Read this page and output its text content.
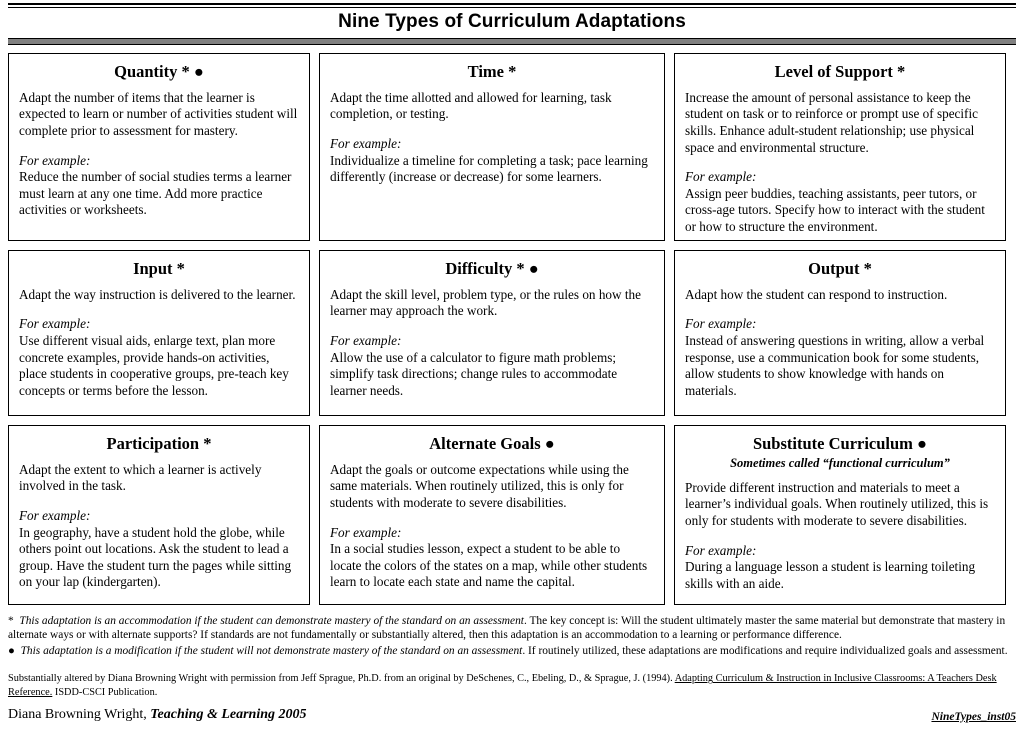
Nine Types of Curriculum Adaptations
Quantity * ●

Adapt the number of items that the learner is expected to learn or number of activities student will complete prior to assessment for mastery.

For example:

Reduce the number of social studies terms a learner must learn at any one time. Add more practice activities or worksheets.

Time *

Adapt the time allotted and allowed for learning, task completion, or testing.

For example:

Individualize a timeline for completing a task; pace learning differently (increase or decrease) for some learners.

Level of Support *

Increase the amount of personal assistance to keep the student on task or to reinforce or prompt use of specific skills. Enhance adult-student relationship; use physical space and environmental structure.

For example:

Assign peer buddies, teaching assistants, peer tutors, or cross-age tutors. Specify how to interact with the student or how to structure the environment.

Input *

Adapt the way instruction is delivered to the learner.

For example:

Use different visual aids, enlarge text, plan more concrete examples, provide hands-on activities, place students in cooperative groups, pre-teach key concepts or terms before the lesson.

Difficulty * ●

Adapt the skill level, problem type, or the rules on how the learner may approach the work.

For example:

Allow the use of a calculator to figure math problems; simplify task directions; change rules to accommodate learner needs.

Output *

Adapt how the student can respond to instruction.

For example:

Instead of answering questions in writing, allow a verbal response, use a communication book for some students, allow students to show knowledge with hands on materials.

Participation *

Adapt the extent to which a learner is actively involved in the task.

For example:

In geography, have a student hold the globe, while others point out locations. Ask the student to lead a group. Have the student turn the pages while sitting on your lap (kindergarten).

Alternate Goals ●

Adapt the goals or outcome expectations while using the same materials. When routinely utilized, this is only for students with moderate to severe disabilities.

For example:

In a social studies lesson, expect a student to be able to locate the colors of the states on a map, while other students learn to locate each state and name the capital.

Substitute Curriculum ●
Sometimes called “functional curriculum”

Provide different instruction and materials to meet a learner’s individual goals. When routinely utilized, this is only for students with moderate to severe disabilities.

For example:

During a language lesson a student is learning toileting skills with an aide.

* This adaptation is an accommodation if the student can demonstrate mastery of the standard on an assessment. The key concept is: Will the student ultimately master the same material but demonstrate that mastery in alternate ways or with alternate supports? If standards are not fundamentally or substantially altered, then this adaptation is an accommodation to a learning or performance difference.

● This adaptation is a modification if the student will not demonstrate mastery of the standard on an assessment. If routinely utilized, these adaptations are modifications and require individualized goals and assessment.

Substantially altered by Diana Browning Wright with permission from Jeff Sprague, Ph.D. from an original by DeSchenes, C., Ebeling, D., & Sprague, J. (1994). Adapting Curriculum & Instruction in Inclusive Classrooms: A Teachers Desk Reference. ISDD-CSCI Publication.
Diana Browning Wright, Teaching & Learning 2005	NineTypes_inst05
